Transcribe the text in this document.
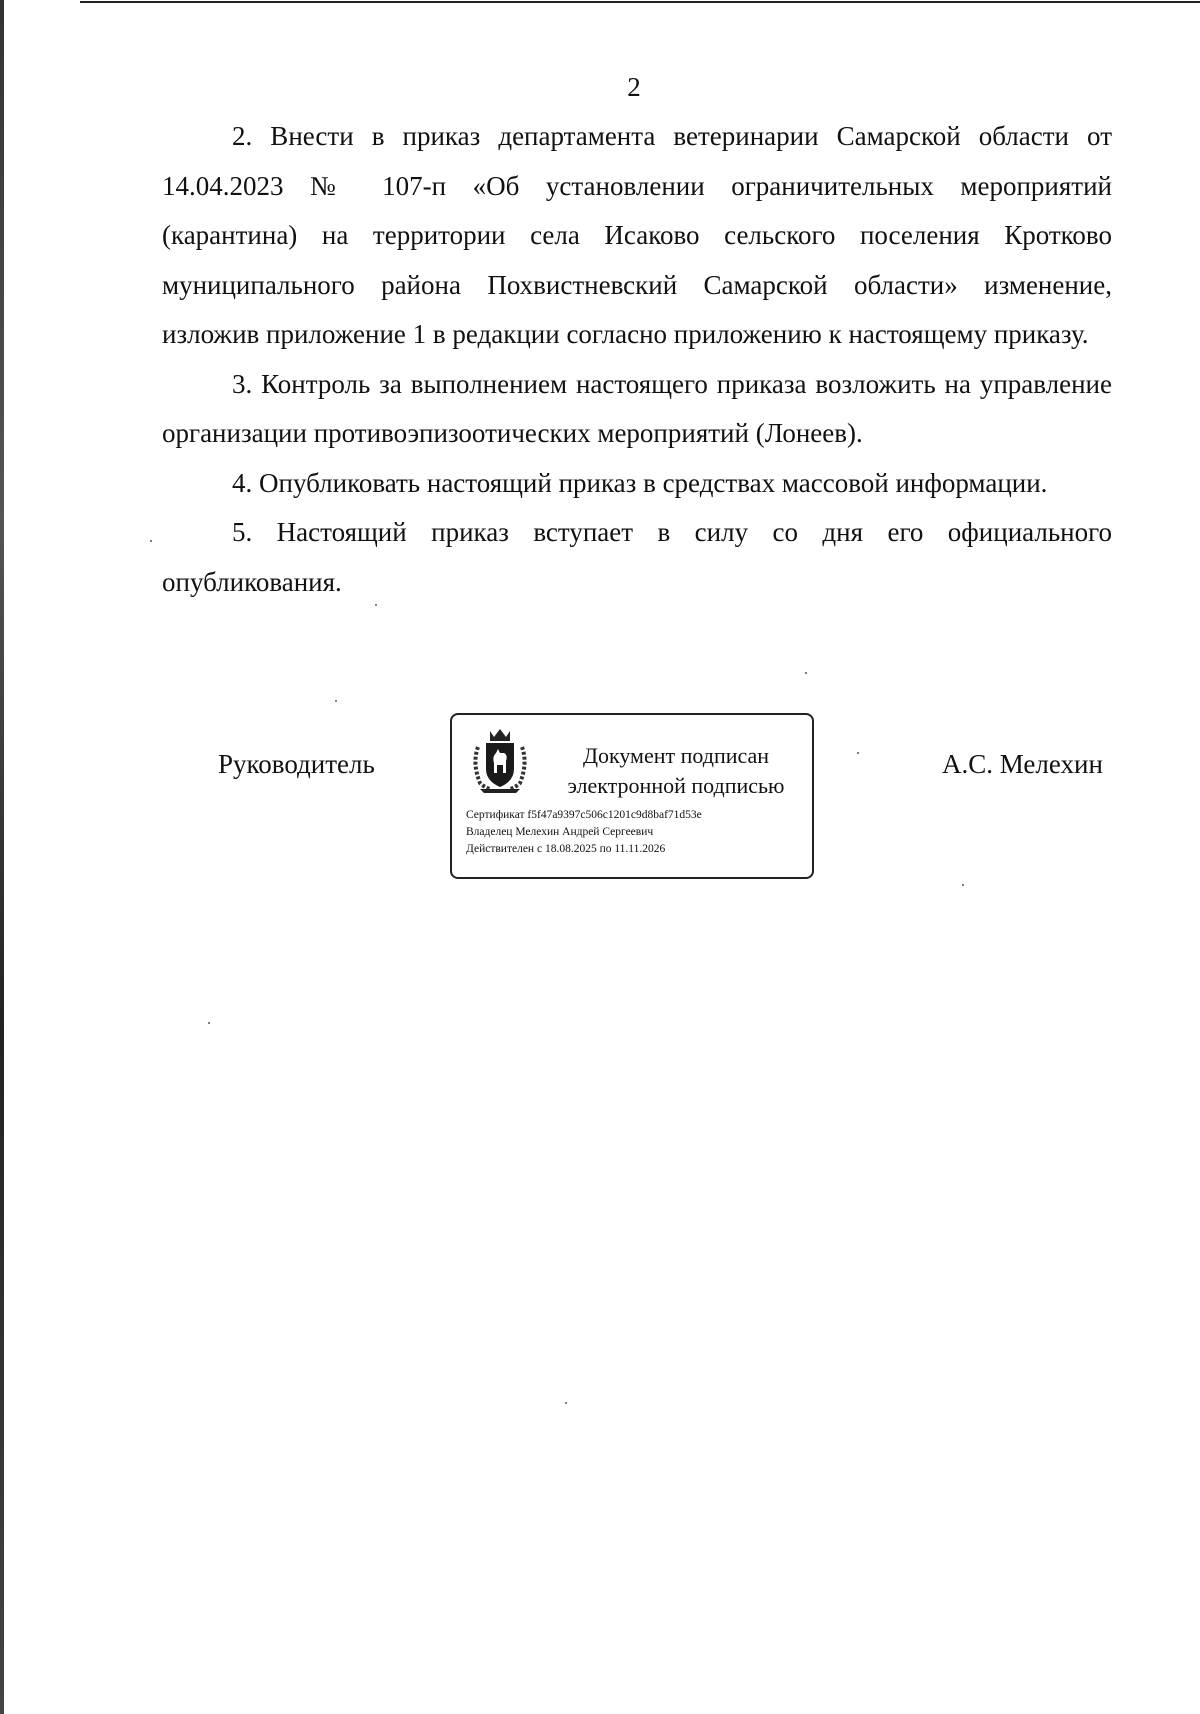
2

2. Внести в приказ департамента ветеринарии Самарской области от 14.04.2023 № 107-п «Об установлении ограничительных мероприятий (карантина) на территории села Исаково сельского поселения Кротково муниципального района Похвистневский Самарской области» изменение, изложив приложение 1 в редакции согласно приложению к настоящему приказу.

3. Контроль за выполнением настоящего приказа возложить на управление организации противоэпизоотических мероприятий (Лонеев).

4. Опубликовать настоящий приказ в средствах массовой информации.

5. Настоящий приказ вступает в силу со дня его официального опубликования.

Руководитель	Документ подписан
электронной подписью
Сертификат f5f47a9397c506c1201c9d8baf71d53e
Владелец Мелехин Андрей Сергеевич
Действителен с 18.08.2025 по 11.11.2026
А.С. Мелехин
